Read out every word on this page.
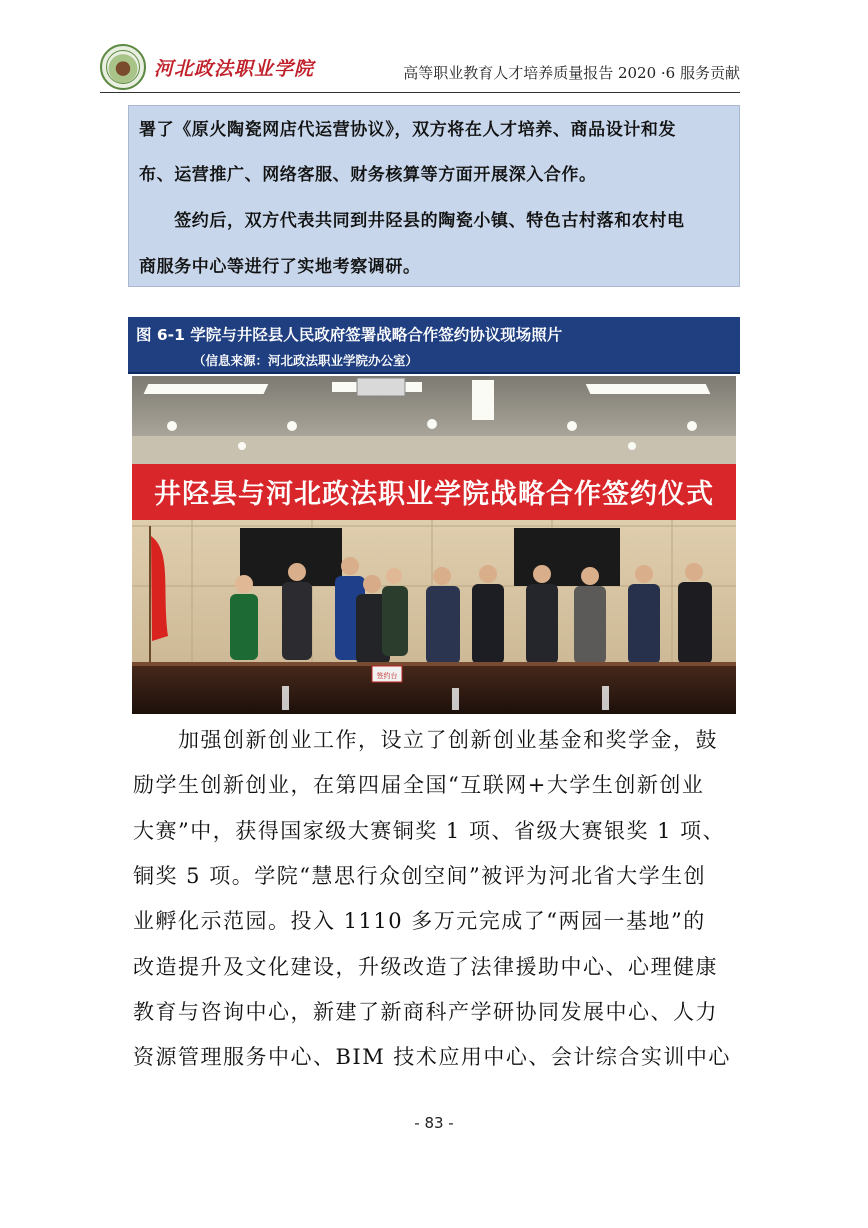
河北政法职业学院	高等职业教育人才培养质量报告 2020 ·6 服务贡献

署了《原火陶瓷网店代运营协议》，双方将在人才培养、商品设计和发

布、运营推广、网络客服、财务核算等方面开展深入合作。

　　签约后，双方代表共同到井陉县的陶瓷小镇、特色古村落和农村电

商服务中心等进行了实地考察调研。

图 6-1 学院与井陉县人民政府签署战略合作签约协议现场照片
（信息来源：河北政法职业学院办公室）
井陉县与河北政法职业学院战略合作签约仪式
签约台

　　加强创新创业工作，设立了创新创业基金和奖学金，鼓

励学生创新创业，在第四届全国“互联网+大学生创新创业

大赛”中，获得国家级大赛铜奖 1 项、省级大赛银奖 1 项、

铜奖 5 项。学院“慧思行众创空间”被评为河北省大学生创

业孵化示范园。投入 1110 多万元完成了“两园一基地”的

改造提升及文化建设，升级改造了法律援助中心、心理健康

教育与咨询中心，新建了新商科产学研协同发展中心、人力

资源管理服务中心、BIM 技术应用中心、会计综合实训中心

- 83 -
